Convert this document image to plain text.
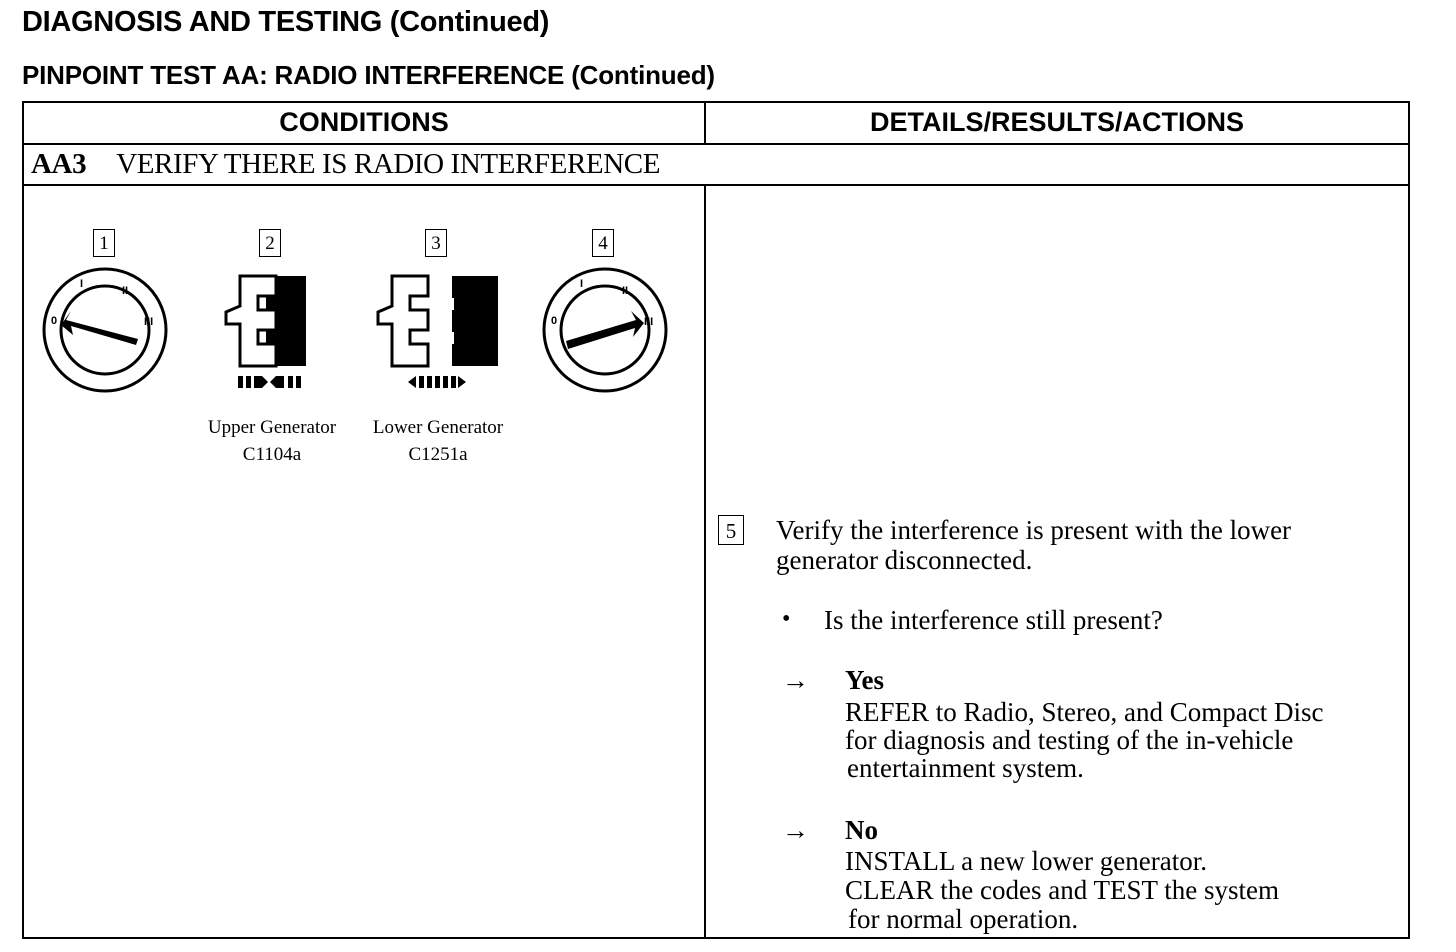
DIAGNOSIS AND TESTING (Continued)
PINPOINT TEST AA: RADIO INTERFERENCE (Continued)
CONDITIONS	DETAILS/RESULTS/ACTIONS
AA3 VERIFY THERE IS RADIO INTERFERENCE
1
0
I
II
III
2
Upper Generator
C1104a
3
Lower Generator
C1251a
4
0
I
II
III
5 Verify the interference is present with the lower
generator disconnected.
• Is the interference still present?
→ Yes
REFER to Radio, Stereo, and Compact Disc
for diagnosis and testing of the in-vehicle
entertainment system.
→ No
INSTALL a new lower generator.
CLEAR the codes and TEST the system
for normal operation.
